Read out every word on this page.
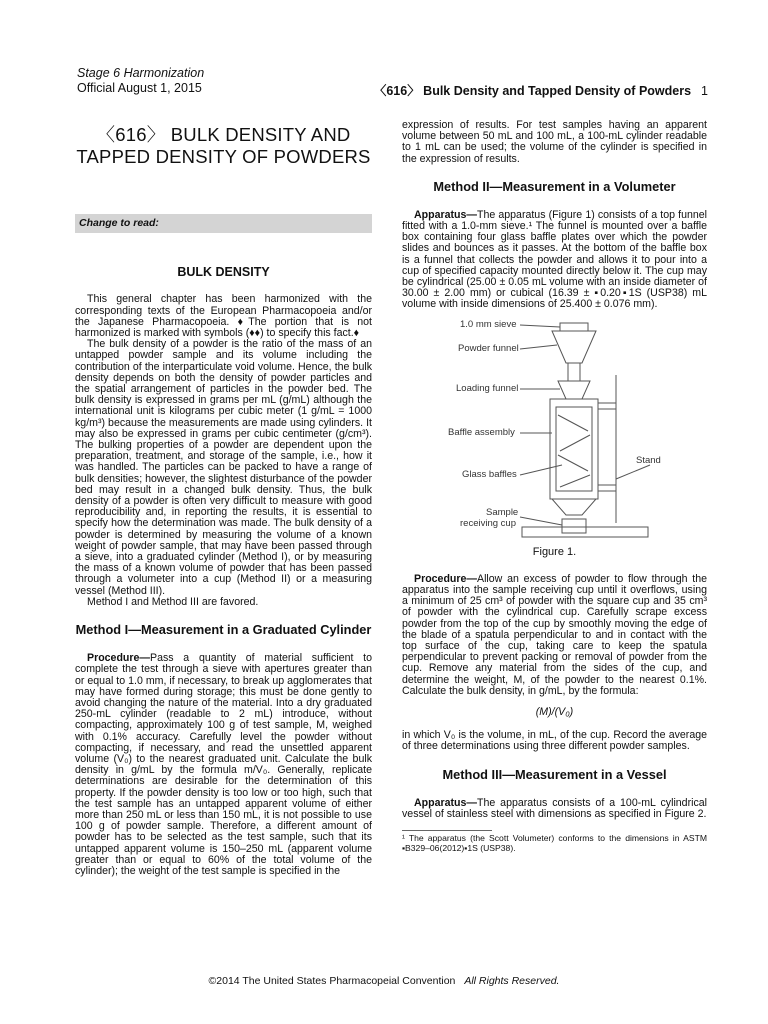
Stage 6 Harmonization
Official August 1, 2015	〈616〉 Bulk Density and Tapped Density of Powders 1
〈616〉 BULK DENSITY AND
TAPPED DENSITY OF POWDERS
Change to read:
BULK DENSITY

This general chapter has been harmonized with the corresponding texts of the European Pharmacopoeia and/or the Japanese Pharmacopoeia. ♦The portion that is not harmonized is marked with symbols (♦♦) to specify this fact.♦

The bulk density of a powder is the ratio of the mass of an untapped powder sample and its volume including the contribution of the interparticulate void volume. Hence, the bulk density depends on both the density of powder particles and the spatial arrangement of particles in the powder bed. The bulk density is expressed in grams per mL (g/mL) although the international unit is kilograms per cubic meter (1 g/mL = 1000 kg/m³) because the measurements are made using cylinders. It may also be expressed in grams per cubic centimeter (g/cm³). The bulking properties of a powder are dependent upon the preparation, treatment, and storage of the sample, i.e., how it was handled. The particles can be packed to have a range of bulk densities; however, the slightest disturbance of the powder bed may result in a changed bulk density. Thus, the bulk density of a powder is often very difficult to measure with good reproducibility and, in reporting the results, it is essential to specify how the determination was made. The bulk density of a powder is determined by measuring the volume of a known weight of powder sample, that may have been passed through a sieve, into a graduated cylinder (Method I), or by measuring the mass of a known volume of powder that has been passed through a volumeter into a cup (Method II) or a measuring vessel (Method III).

Method I and Method III are favored.

Method I—Measurement in a Graduated Cylinder

Procedure—Pass a quantity of material sufficient to complete the test through a sieve with apertures greater than or equal to 1.0 mm, if necessary, to break up agglomerates that may have formed during storage; this must be done gently to avoid changing the nature of the material. Into a dry graduated 250-mL cylinder (readable to 2 mL) introduce, without compacting, approximately 100 g of test sample, M, weighed with 0.1% accuracy. Carefully level the powder without compacting, if necessary, and read the unsettled apparent volume (V₀) to the nearest graduated unit. Calculate the bulk density in g/mL by the formula m/V₀. Generally, replicate determinations are desirable for the determination of this property. If the powder density is too low or too high, such that the test sample has an untapped apparent volume of either more than 250 mL or less than 150 mL, it is not possible to use 100 g of powder sample. Therefore, a different amount of powder has to be selected as the test sample, such that its untapped apparent volume is 150–250 mL (apparent volume greater than or equal to 60% of the total volume of the cylinder); the weight of the test sample is specified in the

expression of results. For test samples having an apparent volume between 50 mL and 100 mL, a 100-mL cylinder readable to 1 mL can be used; the volume of the cylinder is specified in the expression of results.

Method II—Measurement in a Volumeter

Apparatus—The apparatus (Figure 1) consists of a top funnel fitted with a 1.0-mm sieve.¹ The funnel is mounted over a baffle box containing four glass baffle plates over which the powder slides and bounces as it passes. At the bottom of the baffle box is a funnel that collects the powder and allows it to pour into a cup of specified capacity mounted directly below it. The cup may be cylindrical (25.00 ± 0.05 mL volume with an inside diameter of 30.00 ± 2.00 mm) or cubical (16.39 ± ▪0.20▪1S (USP38) mL volume with inside dimensions of 25.400 ± 0.076 mm).

1.0 mm sieve
Powder funnel
Loading funnel
Baffle assembly
Stand
Glass baffles
Sample
receiving cup
Figure 1.

Procedure—Allow an excess of powder to flow through the apparatus into the sample receiving cup until it overflows, using a minimum of 25 cm³ of powder with the square cup and 35 cm³ of powder with the cylindrical cup. Carefully scrape excess powder from the top of the cup by smoothly moving the edge of the blade of a spatula perpendicular to and in contact with the top surface of the cup, taking care to keep the spatula perpendicular to prevent packing or removal of powder from the cup. Remove any material from the sides of the cup, and determine the weight, M, of the powder to the nearest 0.1%. Calculate the bulk density, in g/mL, by the formula:

(M)/(V₀)

in which V₀ is the volume, in mL, of the cup. Record the average of three determinations using three different powder samples.

Method III—Measurement in a Vessel

Apparatus—The apparatus consists of a 100-mL cylindrical vessel of stainless steel with dimensions as specified in Figure 2.

¹ The apparatus (the Scott Volumeter) conforms to the dimensions in ASTM ▪B329–06(2012)▪1S (USP38).
©2014 The United States Pharmacopeial Convention All Rights Reserved.
